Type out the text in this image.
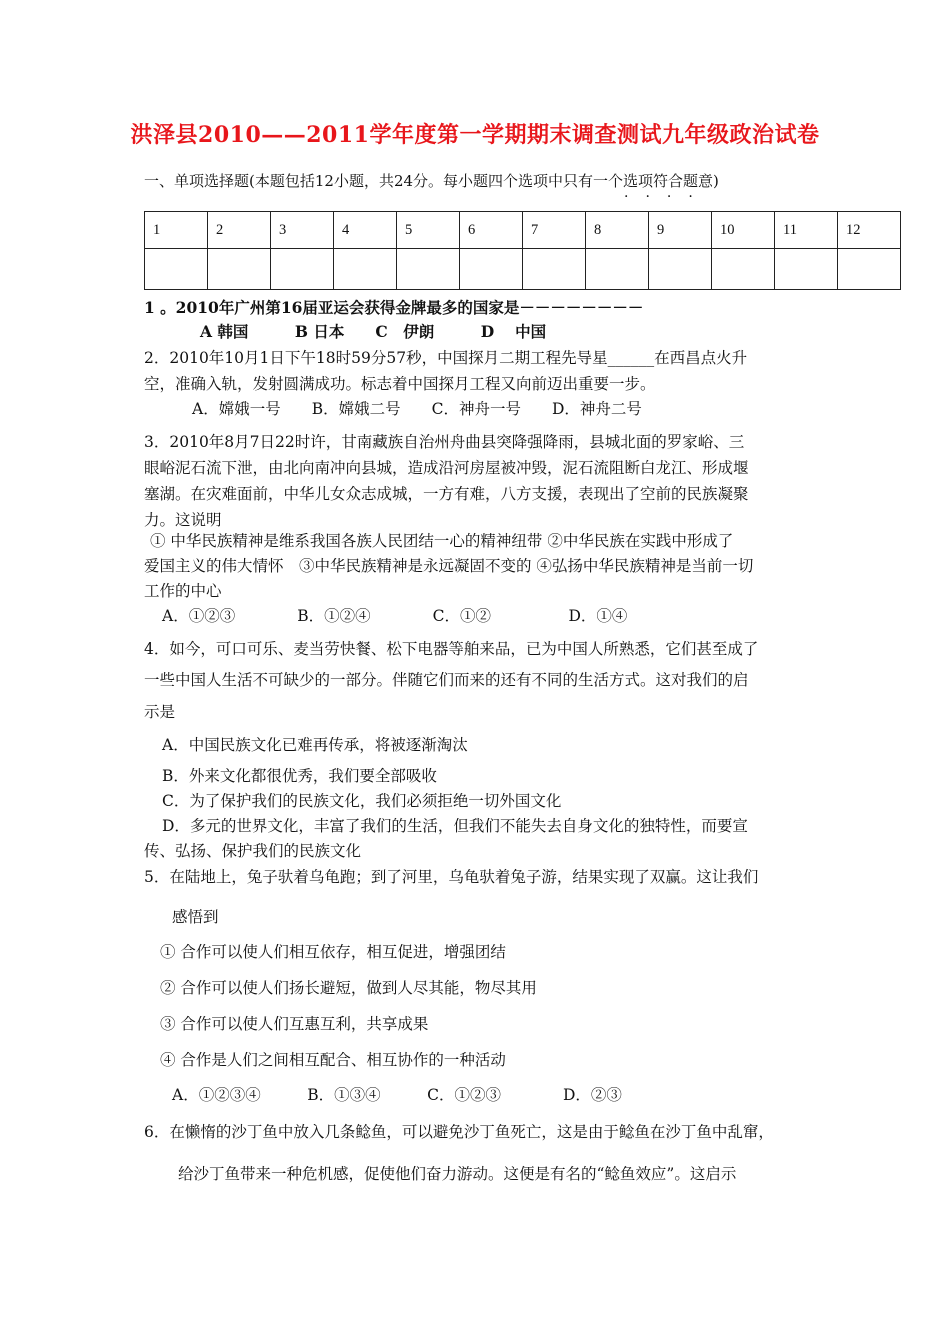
洪泽县2010——2011学年度第一学期期末调查测试九年级政治试卷
一、单项选择题(本题包括12小题，共24分。每小题四个选项中只有一个选项符合题意)
····
1	2	3	4	5	6	7	8	9	10	11	12

1 。2010年广州第16届亚运会获得金牌最多的国家是－－－－－－－－
A 韩国　　　B 日本　　C　伊朗　　　D　 中国
2．2010年10月1日下午18时59分57秒，中国探月二期工程先导星______在西昌点火升
空，准确入轨，发射圆满成功。标志着中国探月工程又向前迈出重要一步。
A．嫦娥一号　　B．嫦娥二号　　C．神舟一号　　D．神舟二号
3．2010年8月7日22时许，甘南藏族自治州舟曲县突降强降雨，县城北面的罗家峪、三
眼峪泥石流下泄，由北向南冲向县城，造成沿河房屋被冲毁，泥石流阻断白龙江、形成堰
塞湖。在灾难面前，中华儿女众志成城，一方有难，八方支援，表现出了空前的民族凝聚
力。这说明
① 中华民族精神是维系我国各族人民团结一心的精神纽带 ②中华民族在实践中形成了
爱国主义的伟大情怀　③中华民族精神是永远凝固不变的 ④弘扬中华民族精神是当前一切
工作的中心
A．①②③　　　　B．①②④　　　　C．①②　　　　　D．①④
4．如今，可口可乐、麦当劳快餐、松下电器等舶来品，已为中国人所熟悉，它们甚至成了
一些中国人生活不可缺少的一部分。伴随它们而来的还有不同的生活方式。这对我们的启
示是
A．中国民族文化已难再传承，将被逐渐淘汰
B．外来文化都很优秀，我们要全部吸收
C．为了保护我们的民族文化，我们必须拒绝一切外国文化
D．多元的世界文化，丰富了我们的生活，但我们不能失去自身文化的独特性，而要宣
传、弘扬、保护我们的民族文化
5．在陆地上，兔子驮着乌龟跑；到了河里，乌龟驮着兔子游，结果实现了双赢。这让我们
感悟到
① 合作可以使人们相互依存，相互促进，增强团结
② 合作可以使人们扬长避短，做到人尽其能，物尽其用
③ 合作可以使人们互惠互利，共享成果
④ 合作是人们之间相互配合、相互协作的一种活动
A．①②③④　　　B．①③④　　　C．①②③　　　　D．②③
6．在懒惰的沙丁鱼中放入几条鲶鱼，可以避免沙丁鱼死亡，这是由于鲶鱼在沙丁鱼中乱窜，
给沙丁鱼带来一种危机感，促使他们奋力游动。这便是有名的“鲶鱼效应”。这启示
